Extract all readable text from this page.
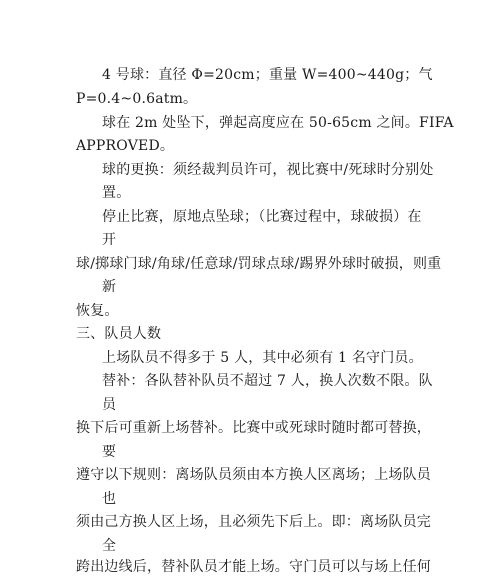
4 号球：直径 Φ=20cm；重量 W=400~440g；气
P=0.4~0.6atm。
球在 2m 处坠下，弹起高度应在 50-65cm 之间。FIFA
APPROVED。
球的更换：须经裁判员许可，视比赛中/死球时分别处
置。
停止比赛，原地点坠球；（比赛过程中，球破损）在
开
球/掷球门球/角球/任意球/罚球点球/踢界外球时破损，则重
新
恢复。
三、队员人数
上场队员不得多于 5 人，其中必须有 1 名守门员。
替补：各队替补队员不超过 7 人，换人次数不限。队
员
换下后可重新上场替补。比赛中或死球时随时都可替换，
要
遵守以下规则：离场队员须由本方换人区离场；上场队员
也
须由己方换人区上场，且必须先下后上。即：离场队员完
全
跨出边线后，替补队员才能上场。守门员可以与场上任何
